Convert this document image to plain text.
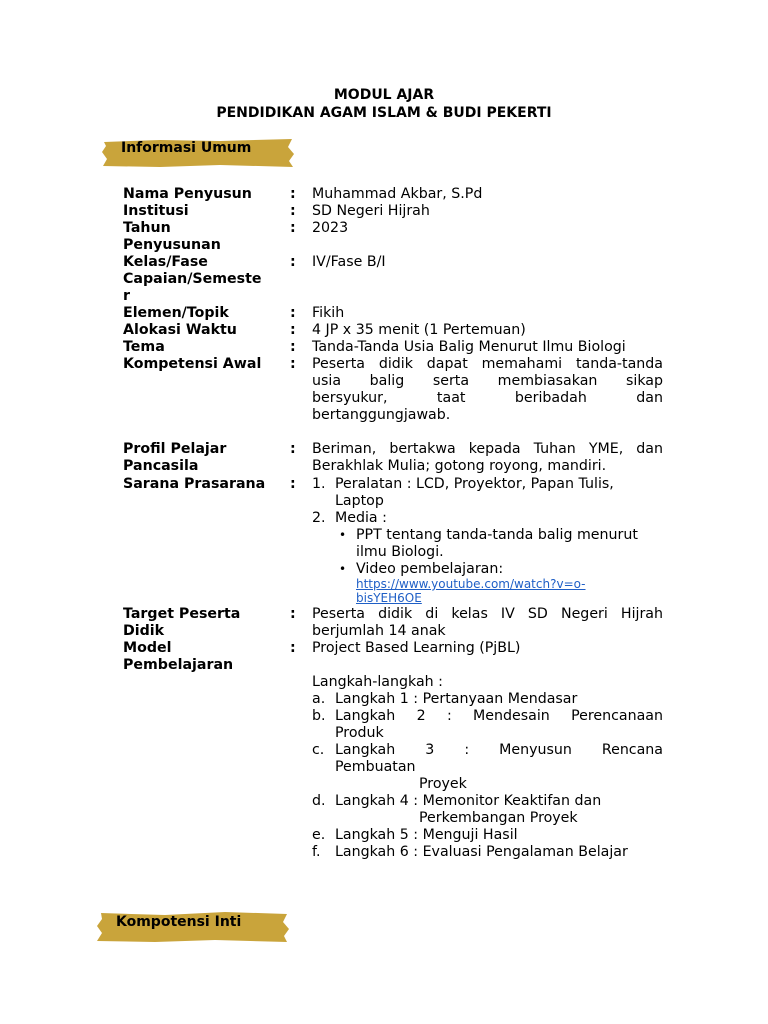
MODUL AJAR
PENDIDIKAN AGAM ISLAM & BUDI PEKERTI
Informasi Umum
Nama Penyusun	: Muhammad Akbar, S.Pd
Institusi	: SD Negeri Hijrah
Tahun
Penyusunan
: 2023
Kelas/Fase
Capaian/Semeste
r
: IV/Fase B/I
Elemen/Topik	: Fikih
Alokasi Waktu	: 4 JP x 35 menit (1 Pertemuan)
Tema	: Tanda-Tanda Usia Balig Menurut Ilmu Biologi
Kompetensi Awal : Peserta didik dapat memahami tanda-tanda
usia balig serta membiasakan sikap
bersyukur, taat beribadah dan
bertanggungjawab.
Profil Pelajar
Pancasila
: Beriman, bertakwa kepada Tuhan YME, dan
Berakhlak Mulia; gotong royong, mandiri.
Sarana Prasarana : 1. Peralatan : LCD, Proyektor, Papan Tulis,
Laptop
2. Media :
• PPT tentang tanda-tanda balig menurut
ilmu Biologi.
• Video pembelajaran:
https://www.youtube.com/watch?v=o-
bisYEH6OE
Target Peserta
Didik
: Peserta didik di kelas IV SD Negeri Hijrah
berjumlah 14 anak
Model
Pembelajaran
: Project Based Learning (PjBL)
Langkah-langkah :
a. Langkah 1 : Pertanyaan Mendasar
b. Langkah 2 : Mendesain Perencanaan
Produk
c. Langkah 3 : Menyusun Rencana
Pembuatan
Proyek
d. Langkah 4 : Memonitor Keaktifan dan
Perkembangan Proyek
e. Langkah 5 : Menguji Hasil
f. Langkah 6 : Evaluasi Pengalaman Belajar
Kompotensi Inti
